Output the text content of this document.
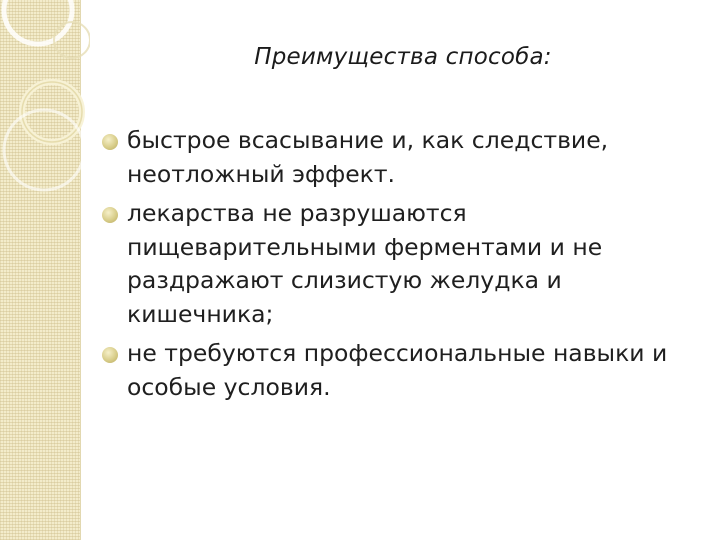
Преимущества способа:
быстрое всасывание и, как следствие, неотложный эффект.
лекарства не разрушаются пищеварительными ферментами и не раздражают слизистую желудка и кишечника;
не требуются профессиональные навыки и особые условия.
